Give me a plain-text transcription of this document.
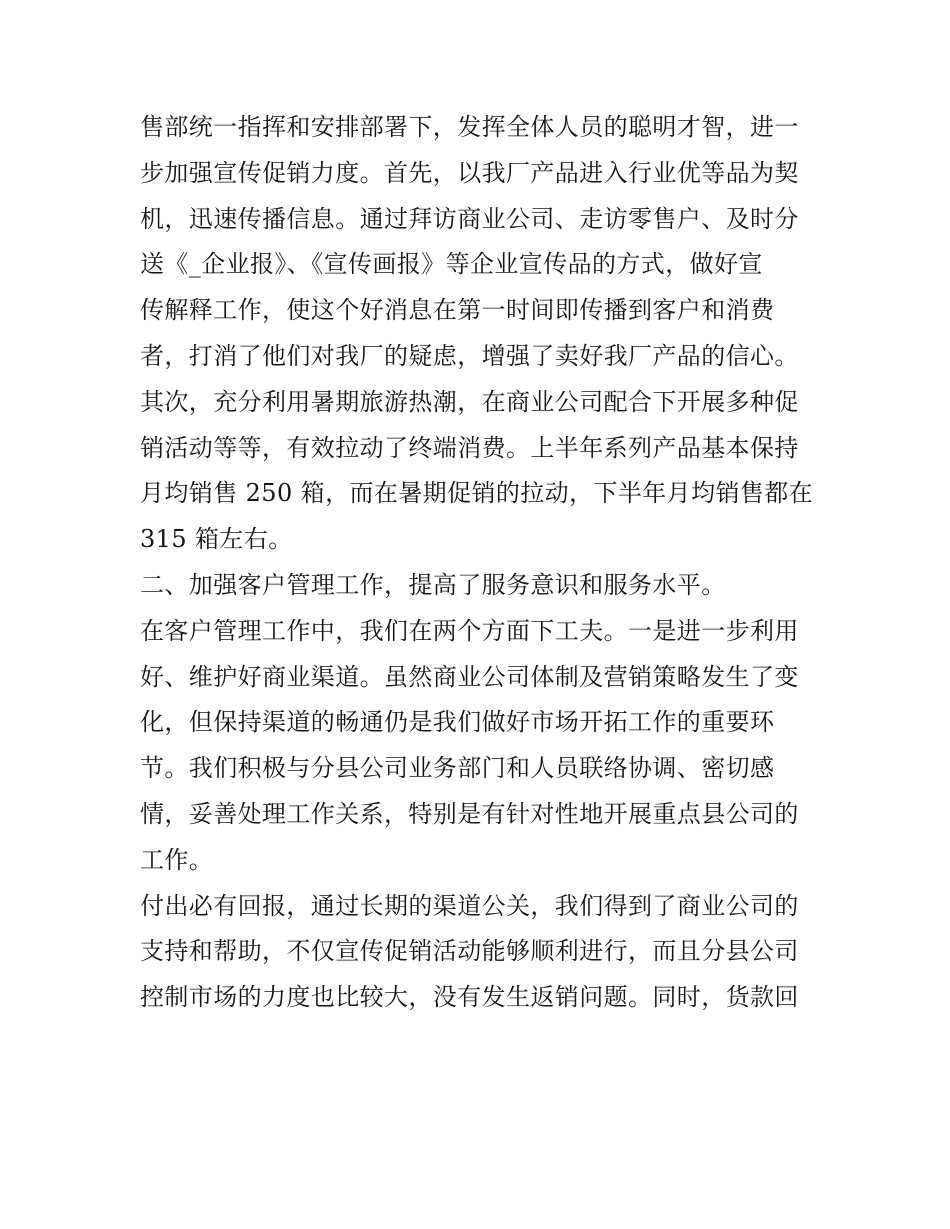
售部统一指挥和安排部署下，发挥全体人员的聪明才智，进一
步加强宣传促销力度。首先，以我厂产品进入行业优等品为契
机，迅速传播信息。通过拜访商业公司、走访零售户、及时分
送《_企业报》、《宣传画报》等企业宣传品的方式，做好宣
传解释工作，使这个好消息在第一时间即传播到客户和消费
者，打消了他们对我厂的疑虑，增强了卖好我厂产品的信心。
其次，充分利用暑期旅游热潮，在商业公司配合下开展多种促
销活动等等，有效拉动了终端消费。上半年系列产品基本保持
月均销售 250 箱，而在暑期促销的拉动，下半年月均销售都在
315 箱左右。
二、加强客户管理工作，提高了服务意识和服务水平。
在客户管理工作中，我们在两个方面下工夫。一是进一步利用
好、维护好商业渠道。虽然商业公司体制及营销策略发生了变
化，但保持渠道的畅通仍是我们做好市场开拓工作的重要环
节。我们积极与分县公司业务部门和人员联络协调、密切感
情，妥善处理工作关系，特别是有针对性地开展重点县公司的
工作。
付出必有回报，通过长期的渠道公关，我们得到了商业公司的
支持和帮助，不仅宣传促销活动能够顺利进行，而且分县公司
控制市场的力度也比较大，没有发生返销问题。同时，货款回
